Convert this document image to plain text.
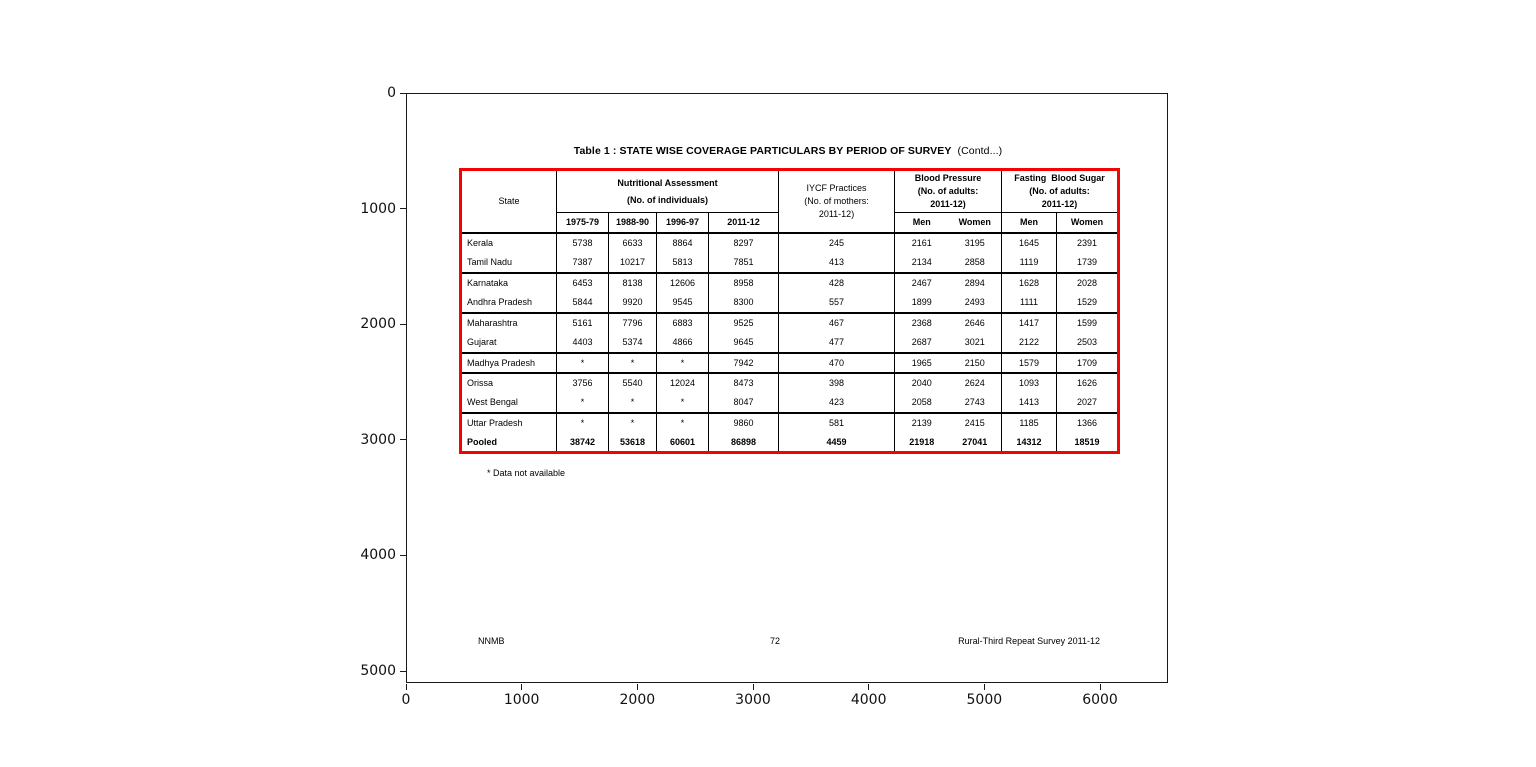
0
1000
2000
3000
4000
5000
0	1000	2000	3000	4000	5000	6000
Table 1 : STATE WISE COVERAGE PARTICULARS BY PERIOD OF SURVEY (Contd...)
State	
Nutritional Assessment
(No. of individuals)

IYCF Practices
(No. of mothers:
2011-12)

Blood Pressure
(No. of adults:
2011-12)

Fasting  Blood Sugar
(No. of adults:
2011-12)

	1975-79	1988-90	1996-97	2011-12		Men	Women	Men	Women
Kerala	5738	6633	8864	8297	245	2161	3195	1645	2391
Tamil Nadu	7387	10217	5813	7851	413	2134	2858	1119	1739
Karnataka	6453	8138	12606	8958	428	2467	2894	1628	2028
Andhra Pradesh	5844	9920	9545	8300	557	1899	2493	1111	1529
Maharashtra	5161	7796	6883	9525	467	2368	2646	1417	1599
Gujarat	4403	5374	4866	9645	477	2687	3021	2122	2503
Madhya Pradesh	*	*	*	7942	470	1965	2150	1579	1709
Orissa	3756	5540	12024	8473	398	2040	2624	1093	1626
West Bengal	*	*	*	8047	423	2058	2743	1413	2027
Uttar Pradesh	*	*	*	9860	581	2139	2415	1185	1366
Pooled	38742	53618	60601	86898	4459	21918	27041	14312	18519
* Data not available
NNMB	72	Rural-Third Repeat Survey 2011-12
